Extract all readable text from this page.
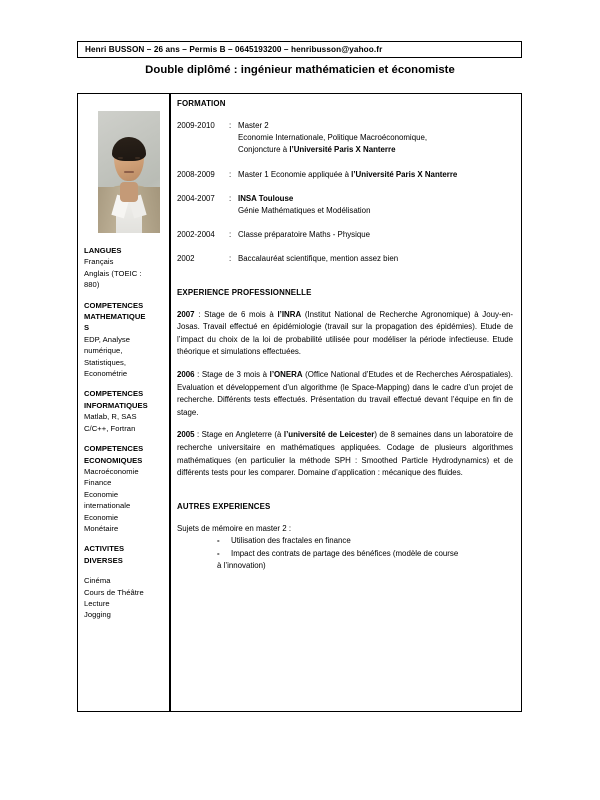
Henri BUSSON – 26 ans – Permis B – 0645193200 – henribusson@yahoo.fr
Double diplômé : ingénieur mathématicien et économiste
LANGUES
Français
Anglais (TOEIC :
880)
COMPETENCES
MATHEMATIQUE
S
EDP, Analyse
numérique,
Statistiques,
Econométrie
COMPETENCES
INFORMATIQUES
Matlab, R, SAS
C/C++, Fortran
COMPETENCES
ECONOMIQUES
Macroéconomie
Finance
Economie
internationale
Economie
Monétaire
ACTIVITES
DIVERSES
Cinéma
Cours de Théâtre
Lecture
Jogging
FORMATION
2009-2010	: Master 2
Economie Internationale, Politique Macroéconomique,
Conjoncture à l’Université Paris X Nanterre
2008-2009	: Master 1 Economie appliquée à l’Université Paris X Nanterre
2004-2007	: INSA Toulouse
Génie Mathématiques et Modélisation
2002-2004	: Classe préparatoire Maths - Physique
2002	: Baccalauréat scientifique, mention assez bien
EXPERIENCE PROFESSIONNELLE

2007 : Stage de 6 mois à l’INRA (Institut National de Recherche Agronomique) à Jouy-en-Josas. Travail effectué en épidémiologie (travail sur la propagation des épidémies). Etude de l’impact du choix de la loi de probabilité utilisée pour modéliser la période infectieuse. Etude théorique et simulations effectuées.

2006 : Stage de 3 mois à l’ONERA (Office National d’Etudes et de Recherches Aérospatiales). Evaluation et développement d’un algorithme (le Space-Mapping) dans le cadre d’un projet de recherche. Différents tests effectués. Présentation du travail effectué devant l’équipe en fin de stage.

2005 : Stage en Angleterre (à l’université de Leicester) de 8 semaines dans un laboratoire de recherche universitaire en mathématiques appliquées. Codage de plusieurs algorithmes mathématiques (en particulier la méthode SPH : Smoothed Particle Hydrodynamics) et de différents tests pour les comparer. Domaine d’application : mécanique des fluides.

AUTRES EXPERIENCES
Sujets de mémoire en master 2 :
-	Utilisation des fractales en finance
-	Impact des contrats de partage des bénéfices (modèle de course
à l’innovation)
